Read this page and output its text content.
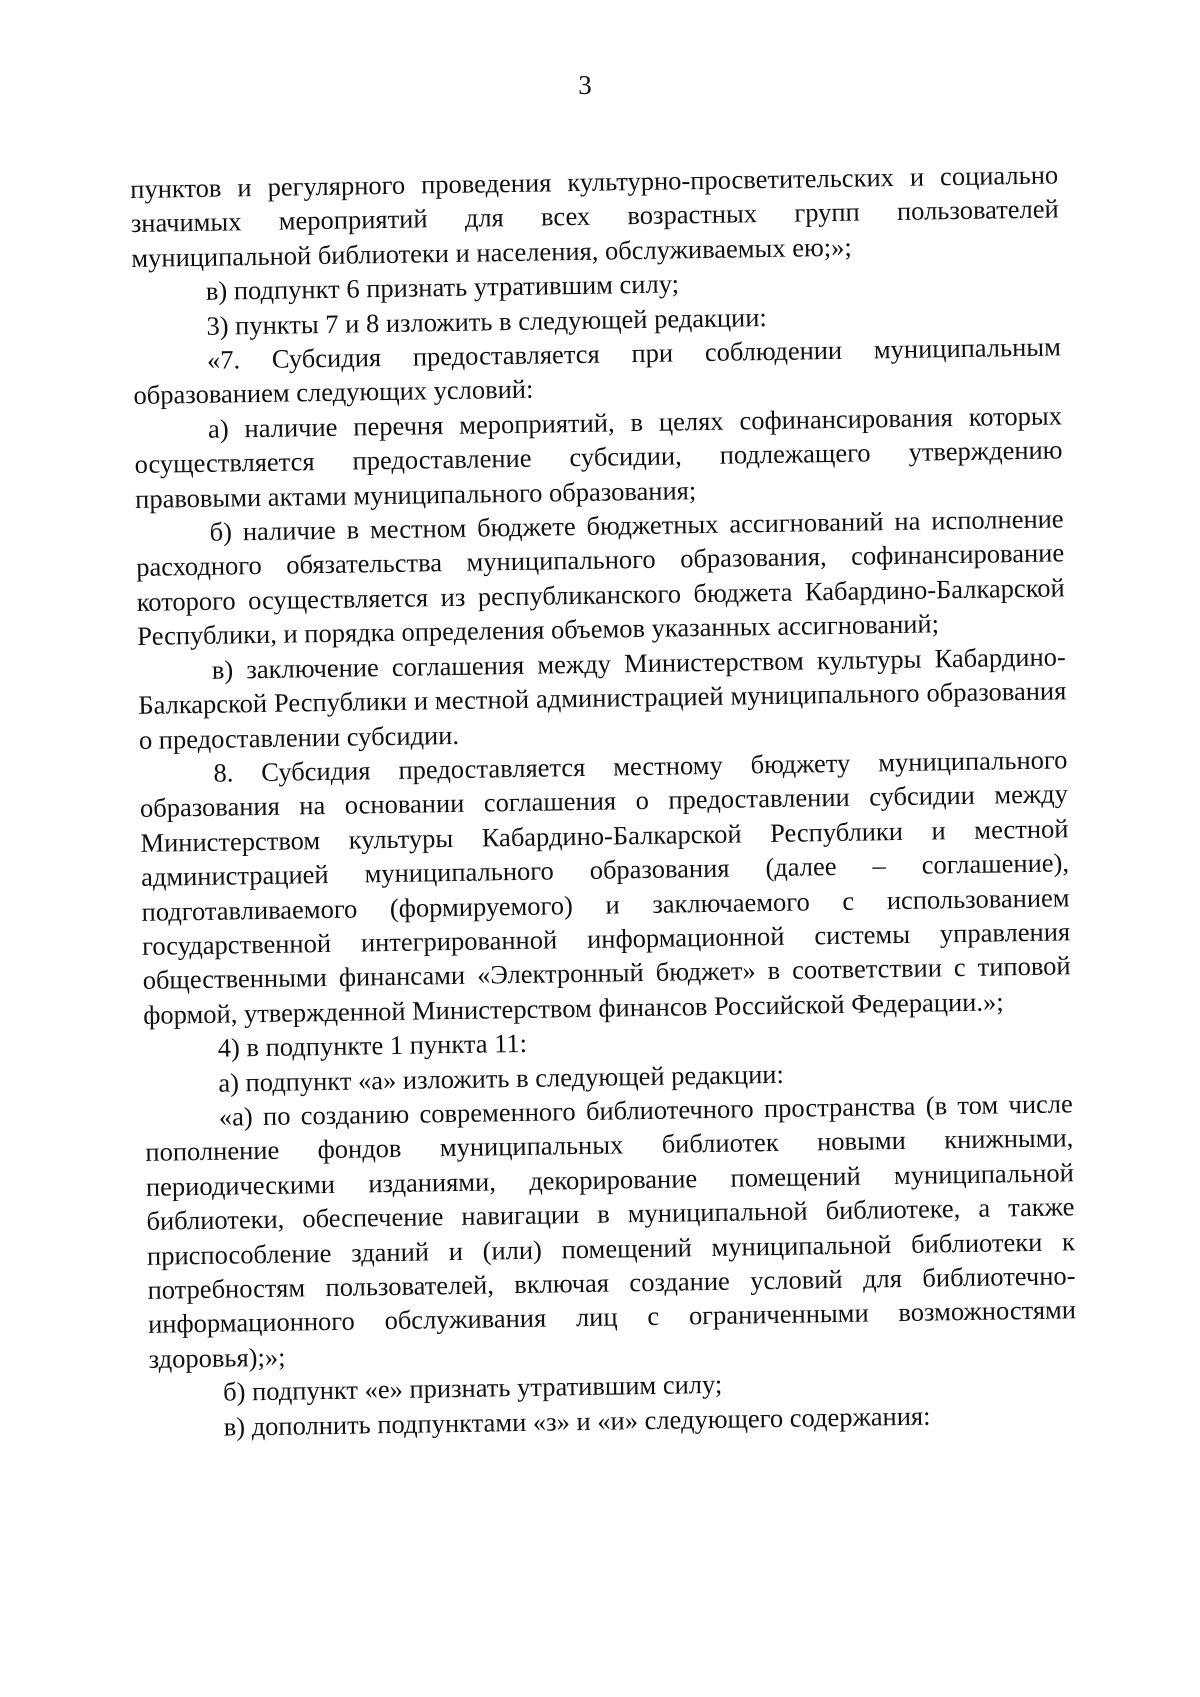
3

пунктов и регулярного проведения культурно-просветительских и социально значимых мероприятий для всех возрастных групп пользователей муниципальной библиотеки и населения, обслуживаемых ею;»;

в) подпункт 6 признать утратившим силу;

3) пункты 7 и 8 изложить в следующей редакции:

«7. Субсидия предоставляется при соблюдении муниципальным образованием следующих условий:

а) наличие перечня мероприятий, в целях софинансирования которых осуществляется предоставление субсидии, подлежащего утверждению правовыми актами муниципального образования;

б) наличие в местном бюджете бюджетных ассигнований на исполнение расходного обязательства муниципального образования, софинансирование которого осуществляется из республиканского бюджета Кабардино-Балкарской Республики, и порядка определения объемов указанных ассигнований;

в) заключение соглашения между Министерством культуры Кабардино-Балкарской Республики и местной администрацией муниципального образования о предоставлении субсидии.

8. Субсидия предоставляется местному бюджету муниципального образования на основании соглашения о предоставлении субсидии между Министерством культуры Кабардино-Балкарской Республики и местной администрацией муниципального образования (далее – соглашение), подготавливаемого (формируемого) и заключаемого с использованием государственной интегрированной информационной системы управления общественными финансами «Электронный бюджет» в соответствии с типовой формой, утвержденной Министерством финансов Российской Федерации.»;

4) в подпункте 1 пункта 11:

а) подпункт «а» изложить в следующей редакции:

«а) по созданию современного библиотечного пространства (в том числе пополнение фондов муниципальных библиотек новыми книжными, периодическими изданиями, декорирование помещений муниципальной библиотеки, обеспечение навигации в муниципальной библиотеке, а также приспособление зданий и (или) помещений муниципальной библиотеки к потребностям пользователей, включая создание условий для библиотечно-информационного обслуживания лиц с ограниченными возможностями здоровья);»;

б) подпункт «е» признать утратившим силу;

в) дополнить подпунктами «з» и «и» следующего содержания:
